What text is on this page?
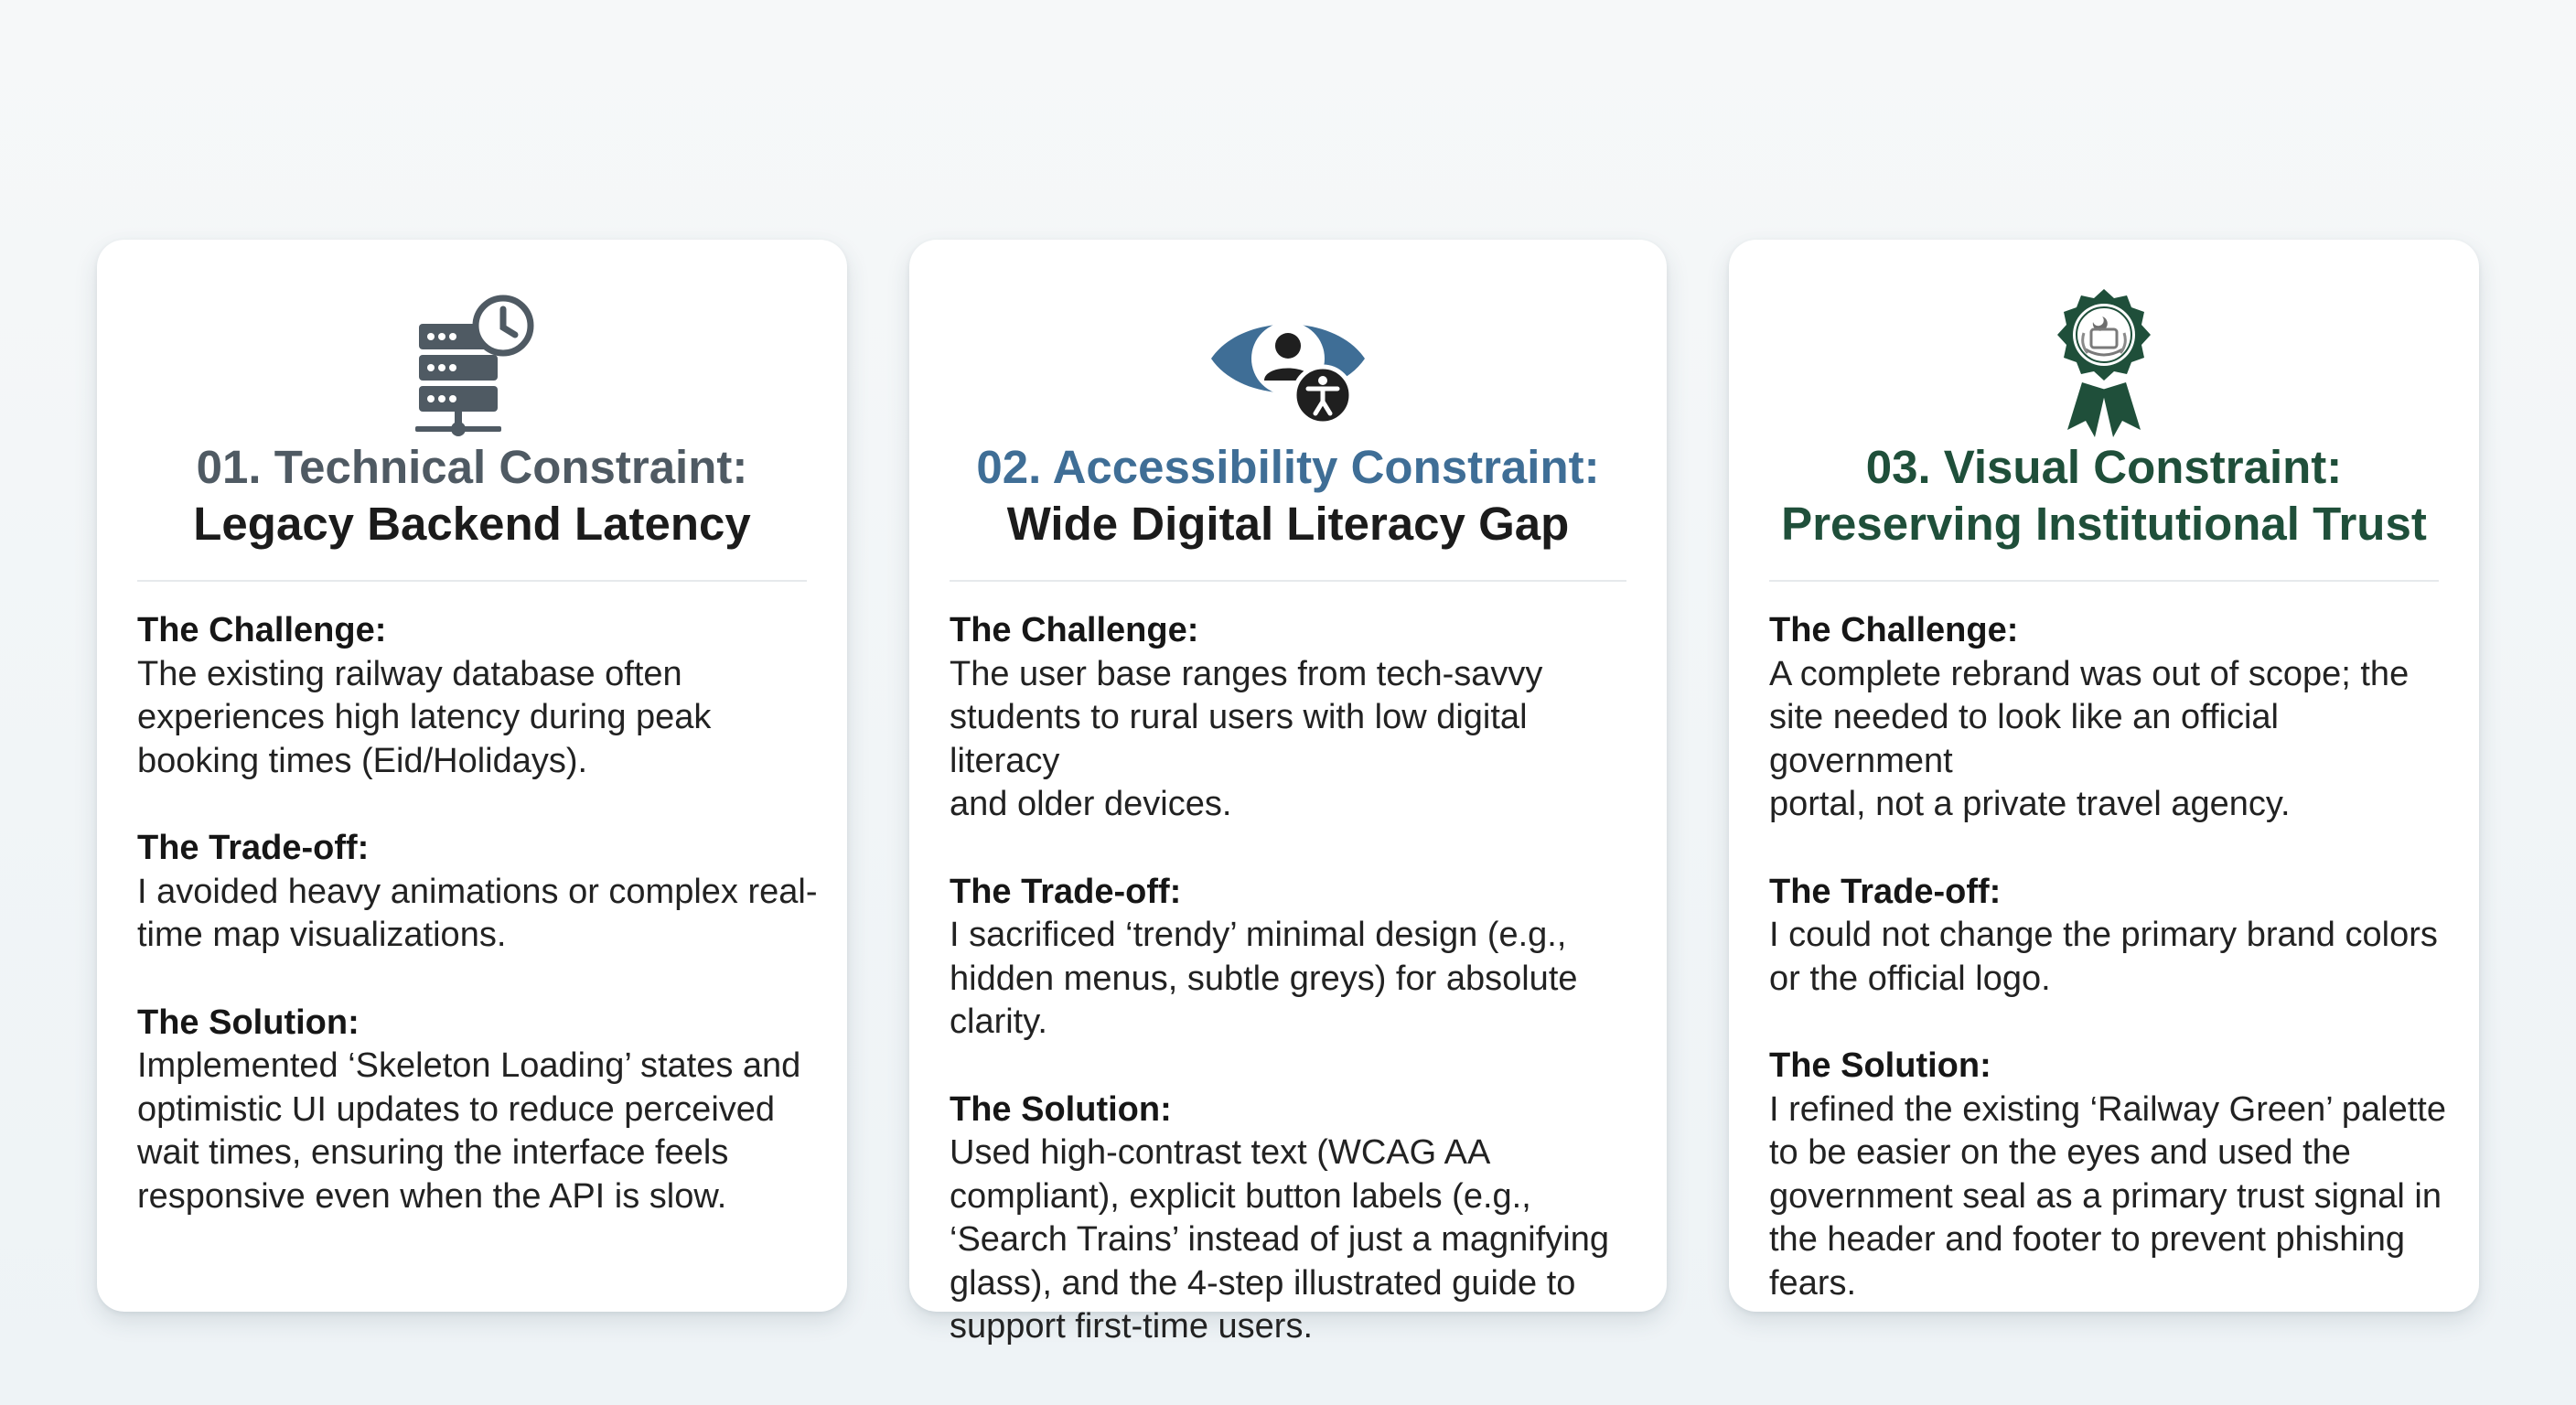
01. Technical Constraint:
Legacy Backend Latency
The Challenge:
The existing railway database often
experiences high latency during peak
booking times (Eid/Holidays).
The Trade-off:
I avoided heavy animations or complex real-
time map visualizations.
The Solution:
Implemented ‘Skeleton Loading’ states and
optimistic UI updates to reduce perceived
wait times, ensuring the interface feels
responsive even when the API is slow.
02. Accessibility Constraint:
Wide Digital Literacy Gap
The Challenge:
The user base ranges from tech-savvy
students to rural users with low digital literacy
and older devices.
The Trade-off:
I sacrificed ‘trendy’ minimal design (e.g.,
hidden menus, subtle greys) for absolute clarity.
The Solution:
Used high-contrast text (WCAG AA
compliant), explicit button labels (e.g.,
‘Search Trains’ instead of just a magnifying
glass), and the 4-step illustrated guide to
support first-time users.
03. Visual Constraint:
Preserving Institutional Trust
The Challenge:
A complete rebrand was out of scope; the
site needed to look like an official government
portal, not a private travel agency.
The Trade-off:
I could not change the primary brand colors
or the official logo.
The Solution:
I refined the existing ‘Railway Green’ palette
to be easier on the eyes and used the
government seal as a primary trust signal in
the header and footer to prevent phishing
fears.
